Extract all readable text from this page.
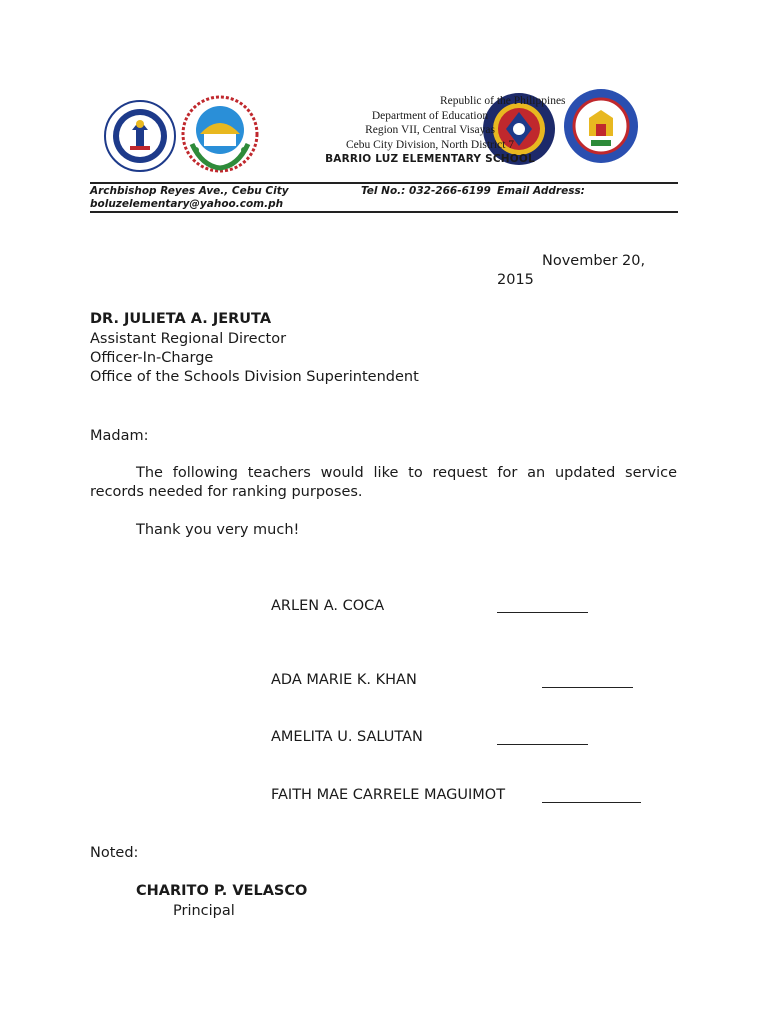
Republic of the Philippines
Department of Education
Region VII, Central Visayas
Cebu City Division, North District 7
BARRIO LUZ ELEMENTARY SCHOOL
Archbishop Reyes Ave., Cebu City	Tel No.: 032-266-6199 Email Address:
boluzelementary@yahoo.com.ph
November 20,
2015
DR. JULIETA A. JERUTA
Assistant Regional Director
Officer-In-Charge
Office of the Schools Division Superintendent
Madam:
The following teachers would like to request for an updated service records needed for ranking purposes.
Thank you very much!
ARLEN A. COCA
ADA MARIE K. KHAN
AMELITA U. SALUTAN
FAITH MAE CARRELE MAGUIMOT
Noted:
CHARITO P. VELASCO
Principal
